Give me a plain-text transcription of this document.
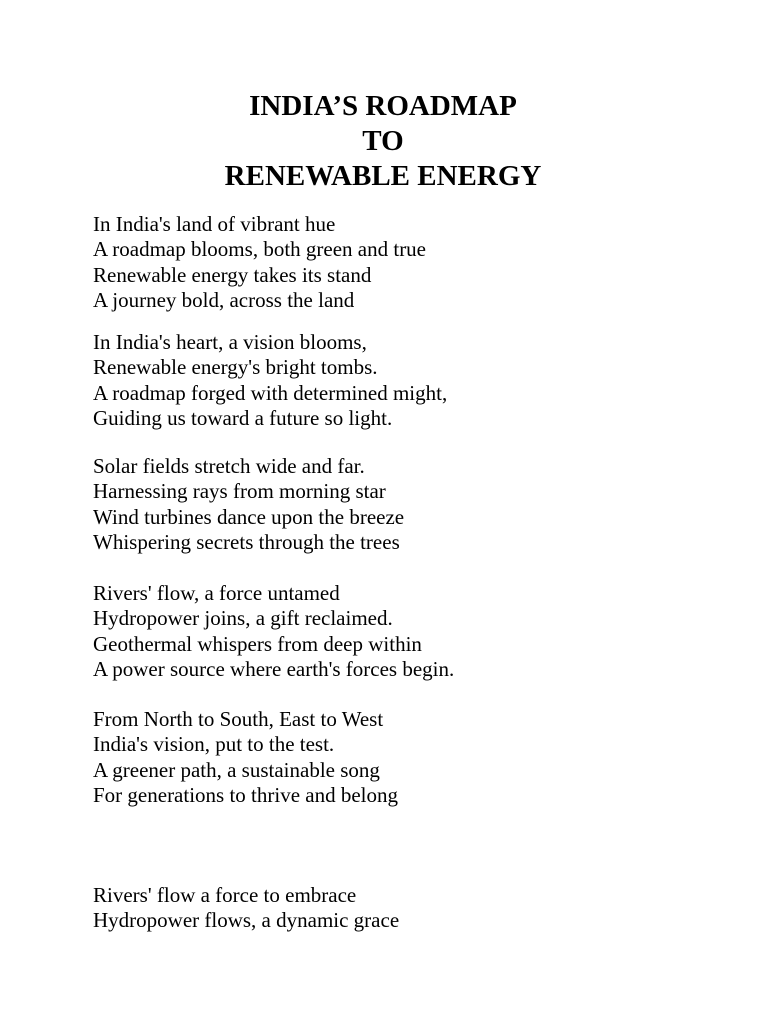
INDIA’S ROADMAP
TO
RENEWABLE ENERGY
In India's land of vibrant hue
A roadmap blooms, both green and true
Renewable energy takes its stand
A journey bold, across the land
In India's heart, a vision blooms,
Renewable energy's bright tombs.
A roadmap forged with determined might,
Guiding us toward a future so light.
Solar fields stretch wide and far.
Harnessing rays from morning star
Wind turbines dance upon the breeze
Whispering secrets through the trees
Rivers' flow, a force untamed
Hydropower joins, a gift reclaimed.
Geothermal whispers from deep within
A power source where earth's forces begin.
From North to South, East to West
India's vision, put to the test.
A greener path, a sustainable song
For generations to thrive and belong
Rivers' flow a force to embrace
Hydropower flows, a dynamic grace
